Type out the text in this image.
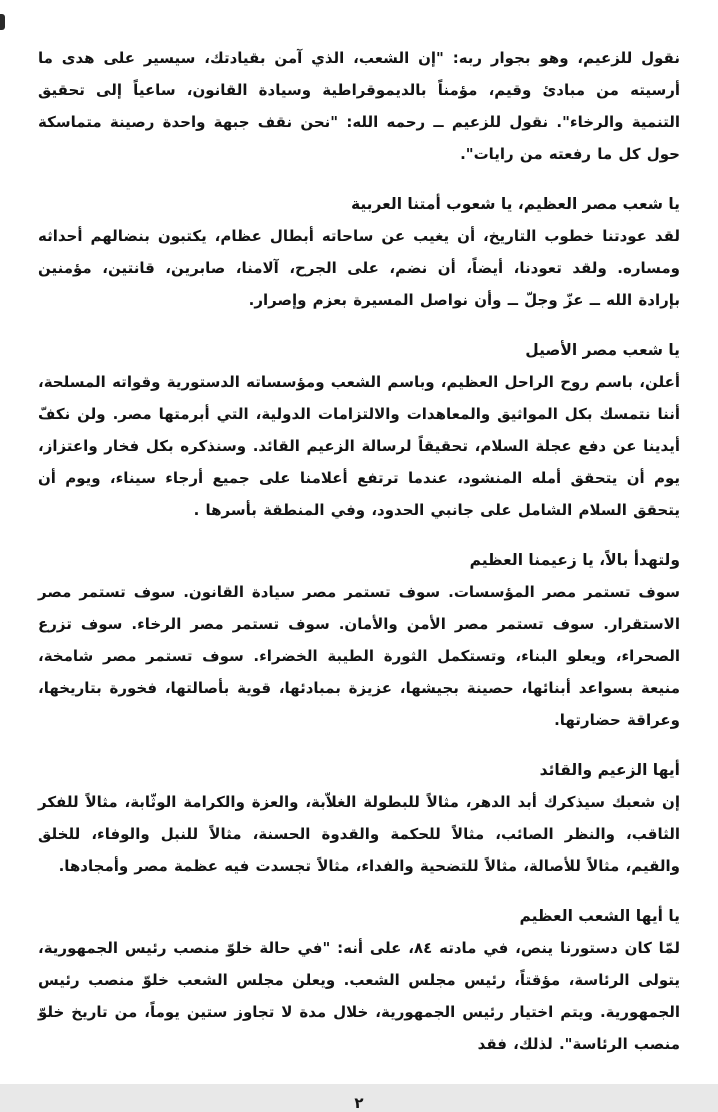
نقول للزعيم، وهو بجوار ربه: "إن الشعب، الذي آمن بقيادتك، سيسير على هدى ما أرسيته من مبادئ وقيم، مؤمناً بالديموقراطية وسيادة القانون، ساعياً إلى تحقيق التنمية والرخاء". نقول للزعيم ــ رحمه الله: "نحن نقف جبهة واحدة رصينة متماسكة حول كل ما رفعته من رايات".

يا شعب مصر العظيم، يا شعوب أمتنا العربية

لقد عودتنا خطوب التاريخ، أن يغيب عن ساحاته أبطال عظام، يكتبون بنضالهم أحداثه ومساره. ولقد تعودنا، أيضاً، أن نضم، على الجرح، آلامنا، صابرين، قانتين، مؤمنين بإرادة الله ــ عزّ وجلّ ــ وأن نواصل المسيرة بعزم وإصرار.

يا شعب مصر الأصيل

أعلن، باسم روح الراحل العظيم، وباسم الشعب ومؤسساته الدستورية وقواته المسلحة، أننا نتمسك بكل المواثيق والمعاهدات والالتزامات الدولية، التي أبرمتها مصر. ولن نكفّ أيدينا عن دفع عجلة السلام، تحقيقاً لرسالة الزعيم القائد. وسنذكره بكل فخار واعتزاز، يوم أن يتحقق أمله المنشود، عندما ترتفع أعلامنا على جميع أرجاء سيناء، ويوم أن يتحقق السلام الشامل على جانبي الحدود، وفي المنطقة بأسرها .

ولتهدأ بالاً، يا زعيمنا العظيم

سوف تستمر مصر المؤسسات. سوف تستمر مصر سيادة القانون. سوف تستمر مصر الاستقرار. سوف تستمر مصر الأمن والأمان. سوف تستمر مصر الرخاء. سوف تزرع الصحراء، ويعلو البناء، وتستكمل الثورة الطيبة الخضراء. سوف تستمر مصر شامخة، منيعة بسواعد أبنائها، حصينة بجيشها، عزيزة بمبادئها، قوية بأصالتها، فخورة بتاريخها، وعراقة حضارتها.

أيها الزعيم والقائد

إن شعبك سيذكرك أبد الدهر، مثالاً للبطولة الغلاّبة، والعزة والكرامة الوثّابة، مثالاً للفكر الثاقب، والنظر الصائب، مثالاً للحكمة والقدوة الحسنة، مثالاً للنبل والوفاء، للخلق والقيم، مثالاً للأصالة، مثالاً للتضحية والفداء، مثالاً تجسدت فيه عظمة مصر وأمجادها.

يا أيها الشعب العظيم

لمّا كان دستورنا ينص، في مادته ٨٤، على أنه: "في حالة خلوّ منصب رئيس الجمهورية، يتولى الرئاسة، مؤقتاً، رئيس مجلس الشعب. ويعلن مجلس الشعب خلوّ منصب رئيس الجمهورية. ويتم اختيار رئيس الجمهورية، خلال مدة لا تجاوز ستين يوماً، من تاريخ خلوّ منصب الرئاسة". لذلك، فقد

٢
